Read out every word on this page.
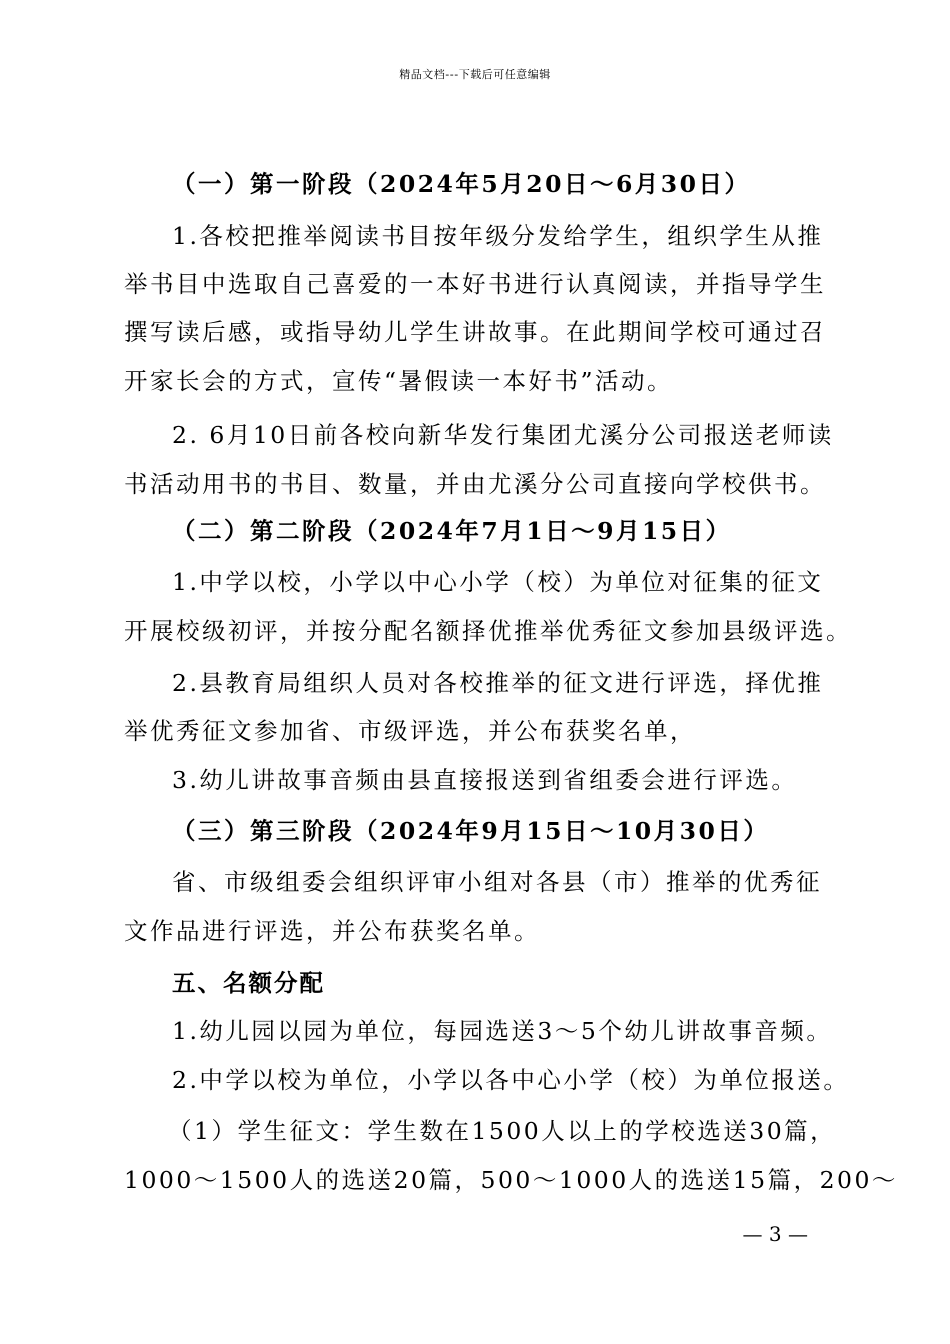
精品文档---下载后可任意编辑
（一）第一阶段（2024年5月20日～6月30日）
1.各校把推举阅读书目按年级分发给学生，组织学生从推
举书目中选取自己喜爱的一本好书进行认真阅读，并指导学生
撰写读后感，或指导幼儿学生讲故事。在此期间学校可通过召
开家长会的方式，宣传“暑假读一本好书”活动。
2. 6月10日前各校向新华发行集团尤溪分公司报送老师读
书活动用书的书目、数量，并由尤溪分公司直接向学校供书。
（二）第二阶段（2024年7月1日～9月15日）
1.中学以校，小学以中心小学（校）为单位对征集的征文
开展校级初评，并按分配名额择优推举优秀征文参加县级评选。
2.县教育局组织人员对各校推举的征文进行评选，择优推
举优秀征文参加省、市级评选，并公布获奖名单，
3.幼儿讲故事音频由县直接报送到省组委会进行评选。
（三）第三阶段（2024年9月15日～10月30日）
省、市级组委会组织评审小组对各县（市）推举的优秀征
文作品进行评选，并公布获奖名单。
五、名额分配
1.幼儿园以园为单位，每园选送3～5个幼儿讲故事音频。
2.中学以校为单位，小学以各中心小学（校）为单位报送。
（1）学生征文：学生数在1500人以上的学校选送30篇，
1000～1500人的选送20篇，500～1000人的选送15篇，200～
— 3 —
